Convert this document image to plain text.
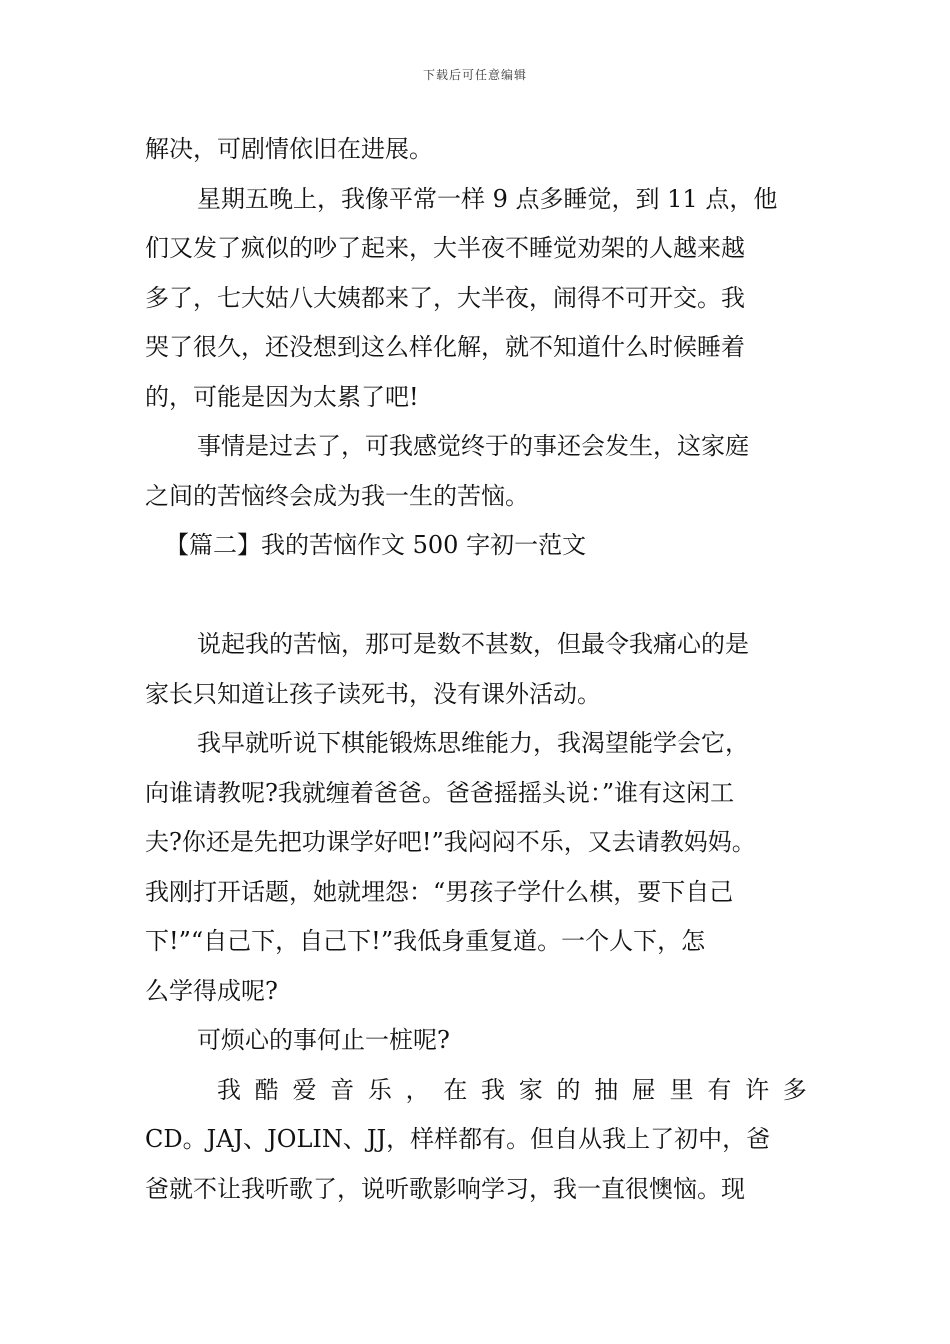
下载后可任意编辑
解决，可剧情依旧在进展。
星期五晚上，我像平常一样 9 点多睡觉，到 11 点，他
们又发了疯似的吵了起来，大半夜不睡觉劝架的人越来越
多了，七大姑八大姨都来了，大半夜，闹得不可开交。我
哭了很久，还没想到这么样化解，就不知道什么时候睡着
的，可能是因为太累了吧!
事情是过去了，可我感觉终于的事还会发生，这家庭
之间的苦恼终会成为我一生的苦恼。
【篇二】我的苦恼作文 500 字初一范文
说起我的苦恼，那可是数不甚数，但最令我痛心的是
家长只知道让孩子读死书，没有课外活动。
我早就听说下棋能锻炼思维能力，我渴望能学会它，
向谁请教呢?我就缠着爸爸。爸爸摇摇头说：”谁有这闲工
夫?你还是先把功课学好吧!”我闷闷不乐，又去请教妈妈。
我刚打开话题，她就埋怨：“男孩子学什么棋，要下自己
下!”“自己下，自己下!”我低身重复道。一个人下，怎
么学得成呢?
可烦心的事何止一桩呢?
我 酷 爱 音 乐 ， 在 我 家 的 抽 屉 里 有 许 多
CD。JAJ、JOLIN、JJ，样样都有。但自从我上了初中，爸
爸就不让我听歌了，说听歌影响学习，我一直很懊恼。现
